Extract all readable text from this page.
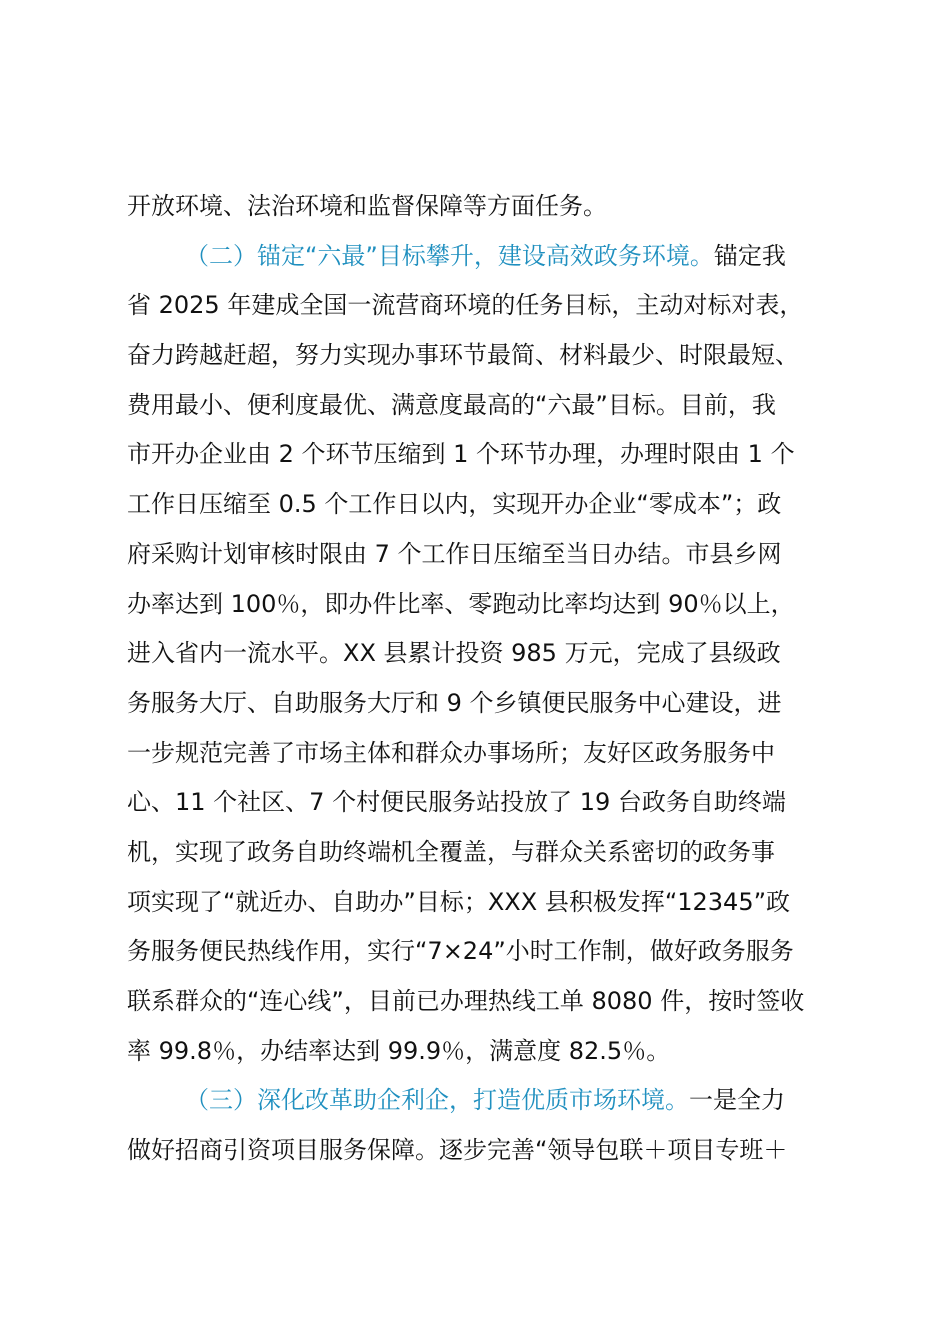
开放环境、法治环境和监督保障等方面任务。
（二）锚定“六最”目标攀升，建设高效政务环境。锚定我
省 2025 年建成全国一流营商环境的任务目标，主动对标对表，
奋力跨越赶超，努力实现办事环节最简、材料最少、时限最短、
费用最小、便利度最优、满意度最高的“六最”目标。目前，我
市开办企业由 2 个环节压缩到 1 个环节办理，办理时限由 1 个
工作日压缩至 0.5 个工作日以内，实现开办企业“零成本”；政
府采购计划审核时限由 7 个工作日压缩至当日办结。市县乡网
办率达到 100％，即办件比率、零跑动比率均达到 90％以上，
进入省内一流水平。XX 县累计投资 985 万元，完成了县级政
务服务大厅、自助服务大厅和 9 个乡镇便民服务中心建设，进
一步规范完善了市场主体和群众办事场所；友好区政务服务中
心、11 个社区、7 个村便民服务站投放了 19 台政务自助终端
机，实现了政务自助终端机全覆盖，与群众关系密切的政务事
项实现了“就近办、自助办”目标；XXX 县积极发挥“12345”政
务服务便民热线作用，实行“7×24”小时工作制，做好政务服务
联系群众的“连心线”，目前已办理热线工单 8080 件，按时签收
率 99.8％，办结率达到 99.9％，满意度 82.5％。
（三）深化改革助企利企，打造优质市场环境。一是全力
做好招商引资项目服务保障。逐步完善“领导包联＋项目专班＋
